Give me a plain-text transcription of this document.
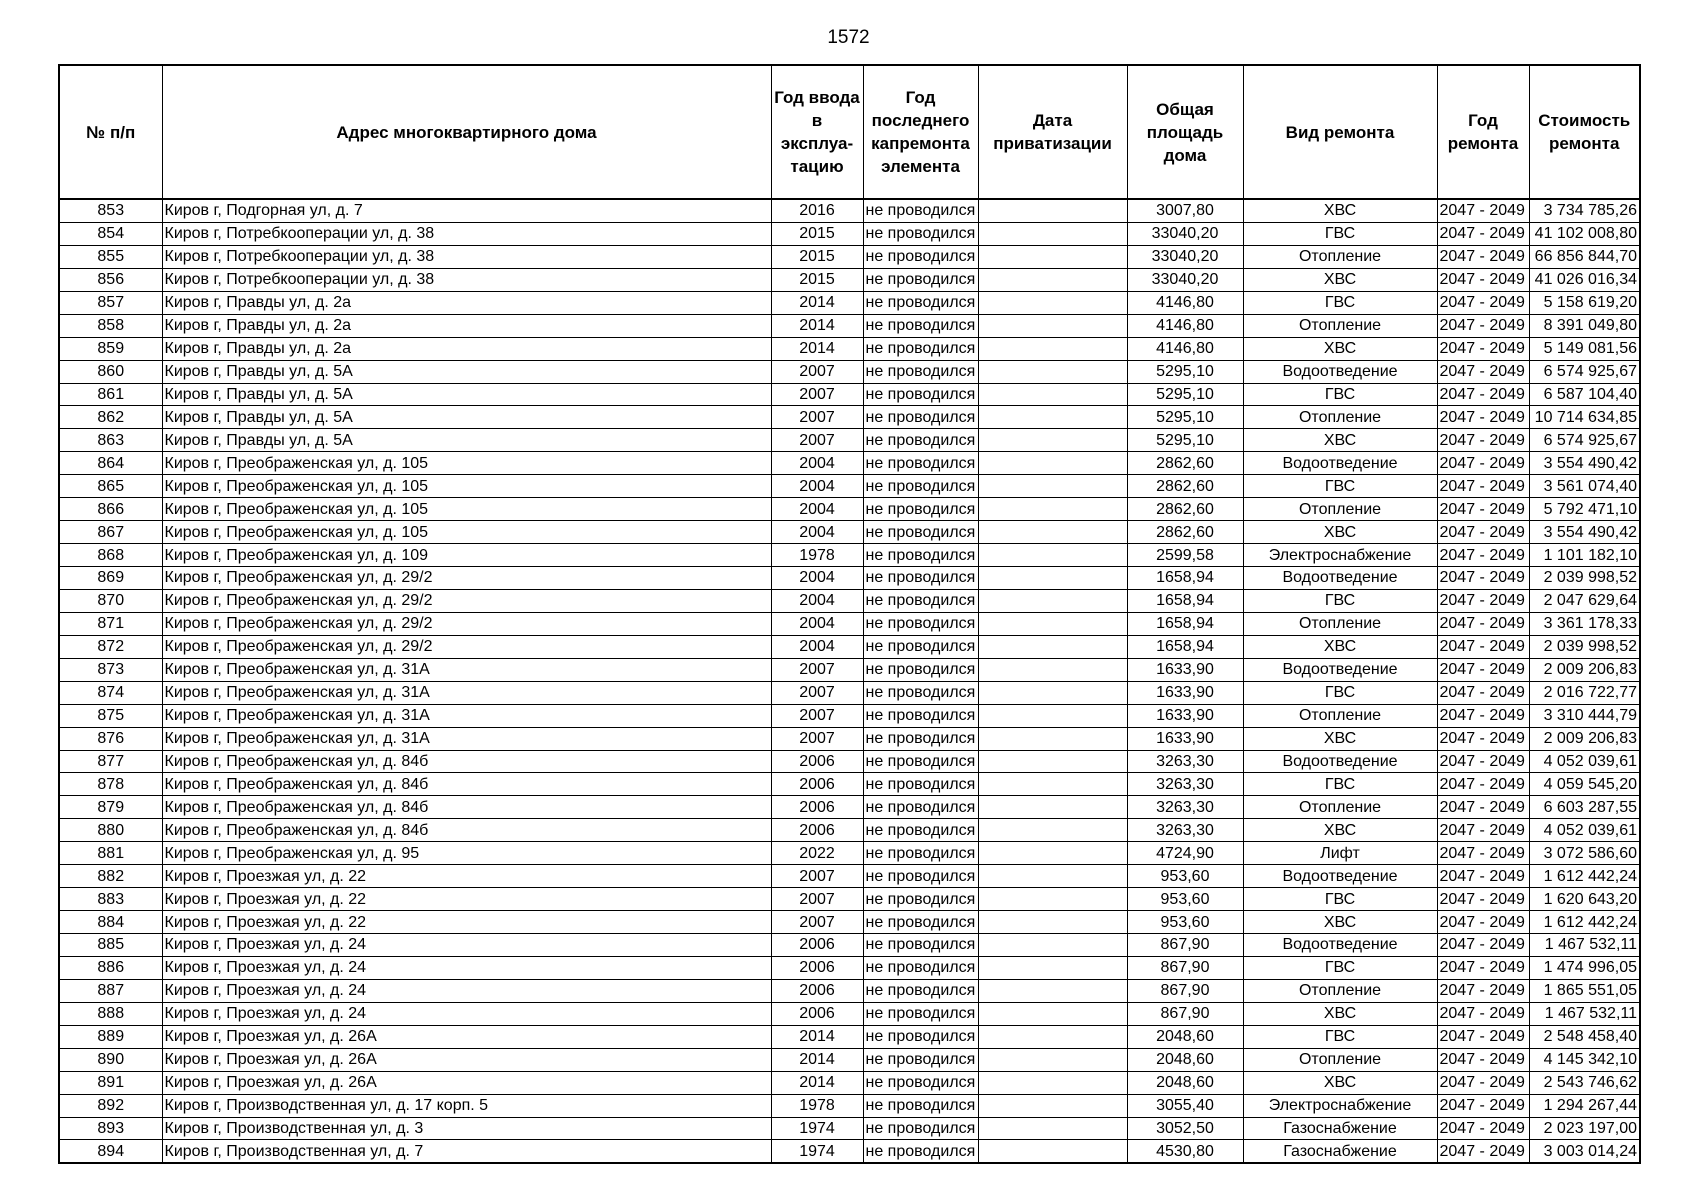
1572
№ п/п	Адрес многоквартирного дома	Год ввода в эксплуа-тацию	Год последнего капремонта элемента	Дата приватизации	Общая площадь дома	Вид ремонта	Год ремонта	Стоимость ремонта
853	Киров г, Подгорная ул, д. 7	2016	не проводился		3007,80	ХВС	2047 - 2049	3 734 785,26
854	Киров г, Потребкооперации ул, д. 38	2015	не проводился		33040,20	ГВС	2047 - 2049	41 102 008,80
855	Киров г, Потребкооперации ул, д. 38	2015	не проводился		33040,20	Отопление	2047 - 2049	66 856 844,70
856	Киров г, Потребкооперации ул, д. 38	2015	не проводился		33040,20	ХВС	2047 - 2049	41 026 016,34
857	Киров г, Правды ул, д. 2а	2014	не проводился		4146,80	ГВС	2047 - 2049	5 158 619,20
858	Киров г, Правды ул, д. 2а	2014	не проводился		4146,80	Отопление	2047 - 2049	8 391 049,80
859	Киров г, Правды ул, д. 2а	2014	не проводился		4146,80	ХВС	2047 - 2049	5 149 081,56
860	Киров г, Правды ул, д. 5А	2007	не проводился		5295,10	Водоотведение	2047 - 2049	6 574 925,67
861	Киров г, Правды ул, д. 5А	2007	не проводился		5295,10	ГВС	2047 - 2049	6 587 104,40
862	Киров г, Правды ул, д. 5А	2007	не проводился		5295,10	Отопление	2047 - 2049	10 714 634,85
863	Киров г, Правды ул, д. 5А	2007	не проводился		5295,10	ХВС	2047 - 2049	6 574 925,67
864	Киров г, Преображенская ул, д. 105	2004	не проводился		2862,60	Водоотведение	2047 - 2049	3 554 490,42
865	Киров г, Преображенская ул, д. 105	2004	не проводился		2862,60	ГВС	2047 - 2049	3 561 074,40
866	Киров г, Преображенская ул, д. 105	2004	не проводился		2862,60	Отопление	2047 - 2049	5 792 471,10
867	Киров г, Преображенская ул, д. 105	2004	не проводился		2862,60	ХВС	2047 - 2049	3 554 490,42
868	Киров г, Преображенская ул, д. 109	1978	не проводился		2599,58	Электроснабжение	2047 - 2049	1 101 182,10
869	Киров г, Преображенская ул, д. 29/2	2004	не проводился		1658,94	Водоотведение	2047 - 2049	2 039 998,52
870	Киров г, Преображенская ул, д. 29/2	2004	не проводился		1658,94	ГВС	2047 - 2049	2 047 629,64
871	Киров г, Преображенская ул, д. 29/2	2004	не проводился		1658,94	Отопление	2047 - 2049	3 361 178,33
872	Киров г, Преображенская ул, д. 29/2	2004	не проводился		1658,94	ХВС	2047 - 2049	2 039 998,52
873	Киров г, Преображенская ул, д. 31А	2007	не проводился		1633,90	Водоотведение	2047 - 2049	2 009 206,83
874	Киров г, Преображенская ул, д. 31А	2007	не проводился		1633,90	ГВС	2047 - 2049	2 016 722,77
875	Киров г, Преображенская ул, д. 31А	2007	не проводился		1633,90	Отопление	2047 - 2049	3 310 444,79
876	Киров г, Преображенская ул, д. 31А	2007	не проводился		1633,90	ХВС	2047 - 2049	2 009 206,83
877	Киров г, Преображенская ул, д. 84б	2006	не проводился		3263,30	Водоотведение	2047 - 2049	4 052 039,61
878	Киров г, Преображенская ул, д. 84б	2006	не проводился		3263,30	ГВС	2047 - 2049	4 059 545,20
879	Киров г, Преображенская ул, д. 84б	2006	не проводился		3263,30	Отопление	2047 - 2049	6 603 287,55
880	Киров г, Преображенская ул, д. 84б	2006	не проводился		3263,30	ХВС	2047 - 2049	4 052 039,61
881	Киров г, Преображенская ул, д. 95	2022	не проводился		4724,90	Лифт	2047 - 2049	3 072 586,60
882	Киров г, Проезжая ул, д. 22	2007	не проводился		953,60	Водоотведение	2047 - 2049	1 612 442,24
883	Киров г, Проезжая ул, д. 22	2007	не проводился		953,60	ГВС	2047 - 2049	1 620 643,20
884	Киров г, Проезжая ул, д. 22	2007	не проводился		953,60	ХВС	2047 - 2049	1 612 442,24
885	Киров г, Проезжая ул, д. 24	2006	не проводился		867,90	Водоотведение	2047 - 2049	1 467 532,11
886	Киров г, Проезжая ул, д. 24	2006	не проводился		867,90	ГВС	2047 - 2049	1 474 996,05
887	Киров г, Проезжая ул, д. 24	2006	не проводился		867,90	Отопление	2047 - 2049	1 865 551,05
888	Киров г, Проезжая ул, д. 24	2006	не проводился		867,90	ХВС	2047 - 2049	1 467 532,11
889	Киров г, Проезжая ул, д. 26А	2014	не проводился		2048,60	ГВС	2047 - 2049	2 548 458,40
890	Киров г, Проезжая ул, д. 26А	2014	не проводился		2048,60	Отопление	2047 - 2049	4 145 342,10
891	Киров г, Проезжая ул, д. 26А	2014	не проводился		2048,60	ХВС	2047 - 2049	2 543 746,62
892	Киров г, Производственная ул, д. 17 корп. 5	1978	не проводился		3055,40	Электроснабжение	2047 - 2049	1 294 267,44
893	Киров г, Производственная ул, д. 3	1974	не проводился		3052,50	Газоснабжение	2047 - 2049	2 023 197,00
894	Киров г, Производственная ул, д. 7	1974	не проводился		4530,80	Газоснабжение	2047 - 2049	3 003 014,24
